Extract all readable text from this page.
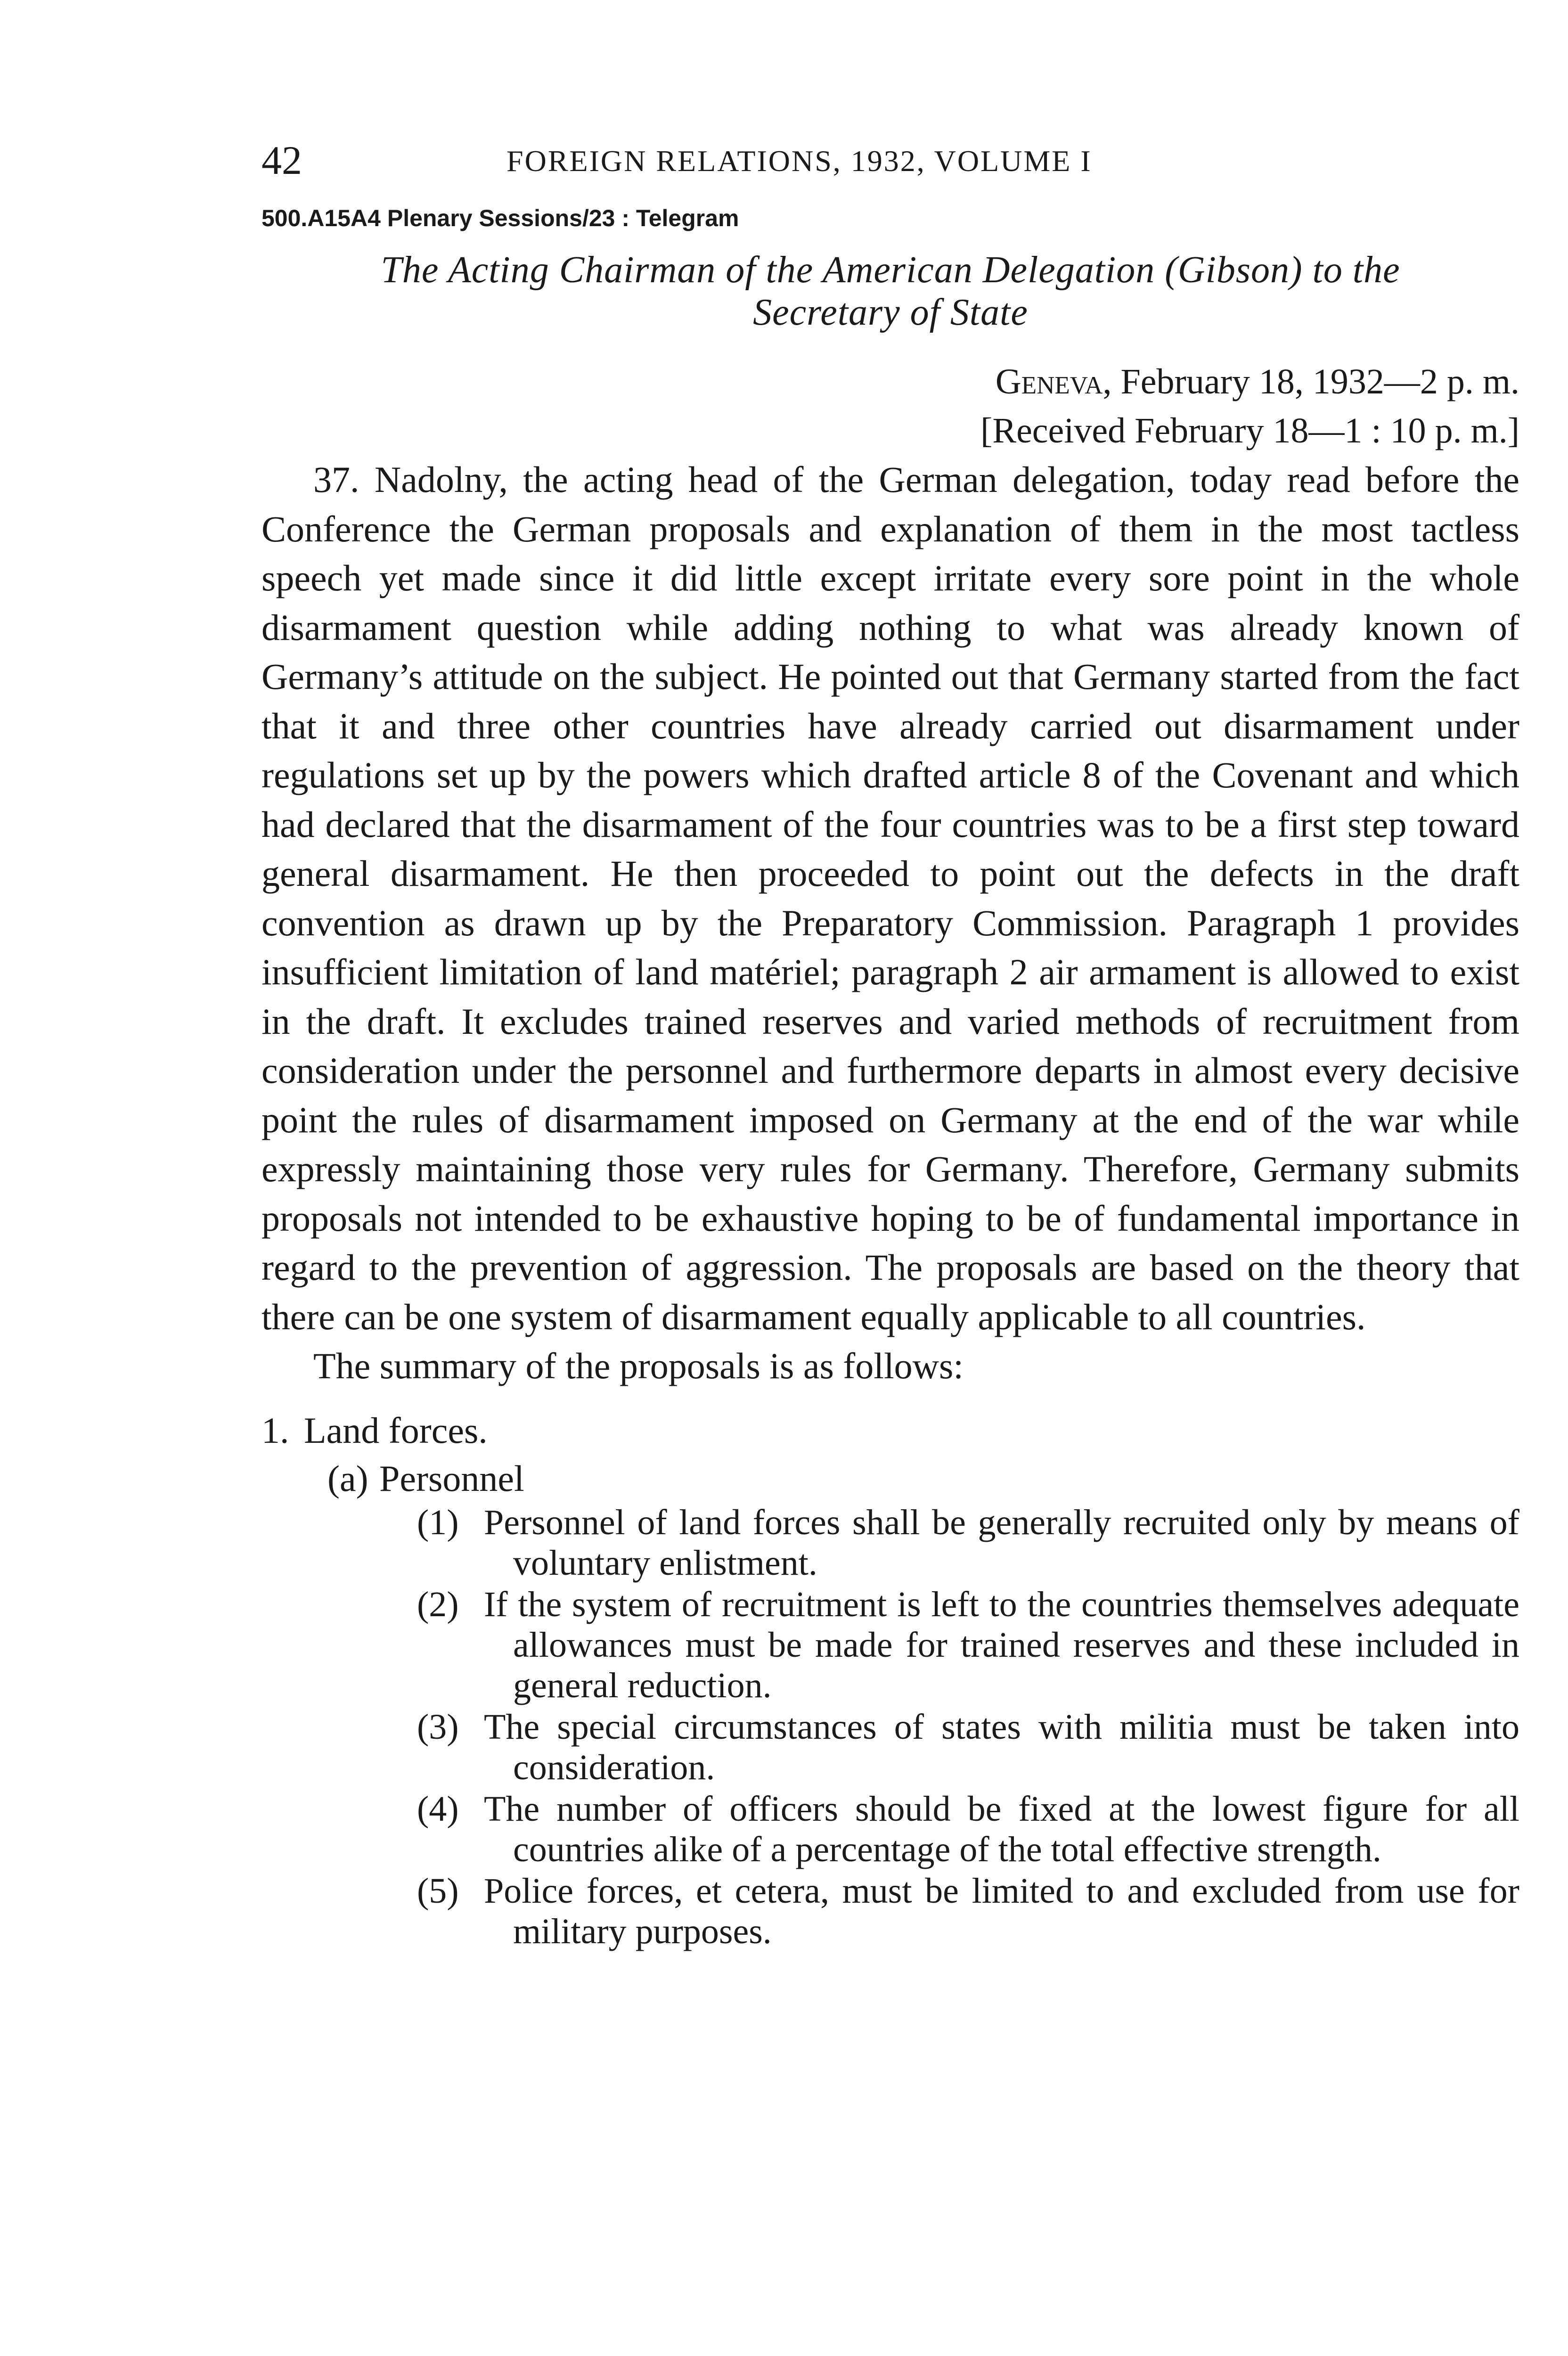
42	FOREIGN RELATIONS, 1932, VOLUME I
500.A15A4 Plenary Sessions/23 : Telegram
The Acting Chairman of the American Delegation (Gibson) to the
Secretary of State
Geneva, February 18, 1932—2 p. m.
[Received February 18—1 : 10 p. m.]

37. Nadolny, the acting head of the German delegation, today read before the Conference the German proposals and explanation of them in the most tactless speech yet made since it did little except irritate every sore point in the whole disarmament question while adding nothing to what was already known of Germany’s attitude on the subject. He pointed out that Germany started from the fact that it and three other countries have already carried out disarmament under regulations set up by the powers which drafted article 8 of the Covenant and which had declared that the disarmament of the four countries was to be a first step toward general disarmament. He then proceeded to point out the defects in the draft convention as drawn up by the Preparatory Commission. Paragraph 1 provides insufficient limitation of land matériel; paragraph 2 air armament is allowed to exist in the draft. It excludes trained reserves and varied methods of recruitment from consideration under the personnel and furthermore departs in almost every decisive point the rules of disarmament imposed on Germany at the end of the war while expressly maintaining those very rules for Germany. Therefore, Germany submits proposals not intended to be exhaustive hoping to be of fundamental importance in regard to the prevention of aggression. The proposals are based on the theory that there can be one system of disarmament equally applicable to all countries.

The summary of the proposals is as follows:

1. Land forces.
(a) Personnel

(1) Personnel of land forces shall be generally recruited only by means of voluntary enlistment.

(2) If the system of recruitment is left to the countries themselves adequate allowances must be made for trained reserves and these included in general reduction.

(3) The special circumstances of states with militia must be taken into consideration.

(4) The number of officers should be fixed at the lowest figure for all countries alike of a percentage of the total effective strength.

(5) Police forces, et cetera, must be limited to and excluded from use for military purposes.
